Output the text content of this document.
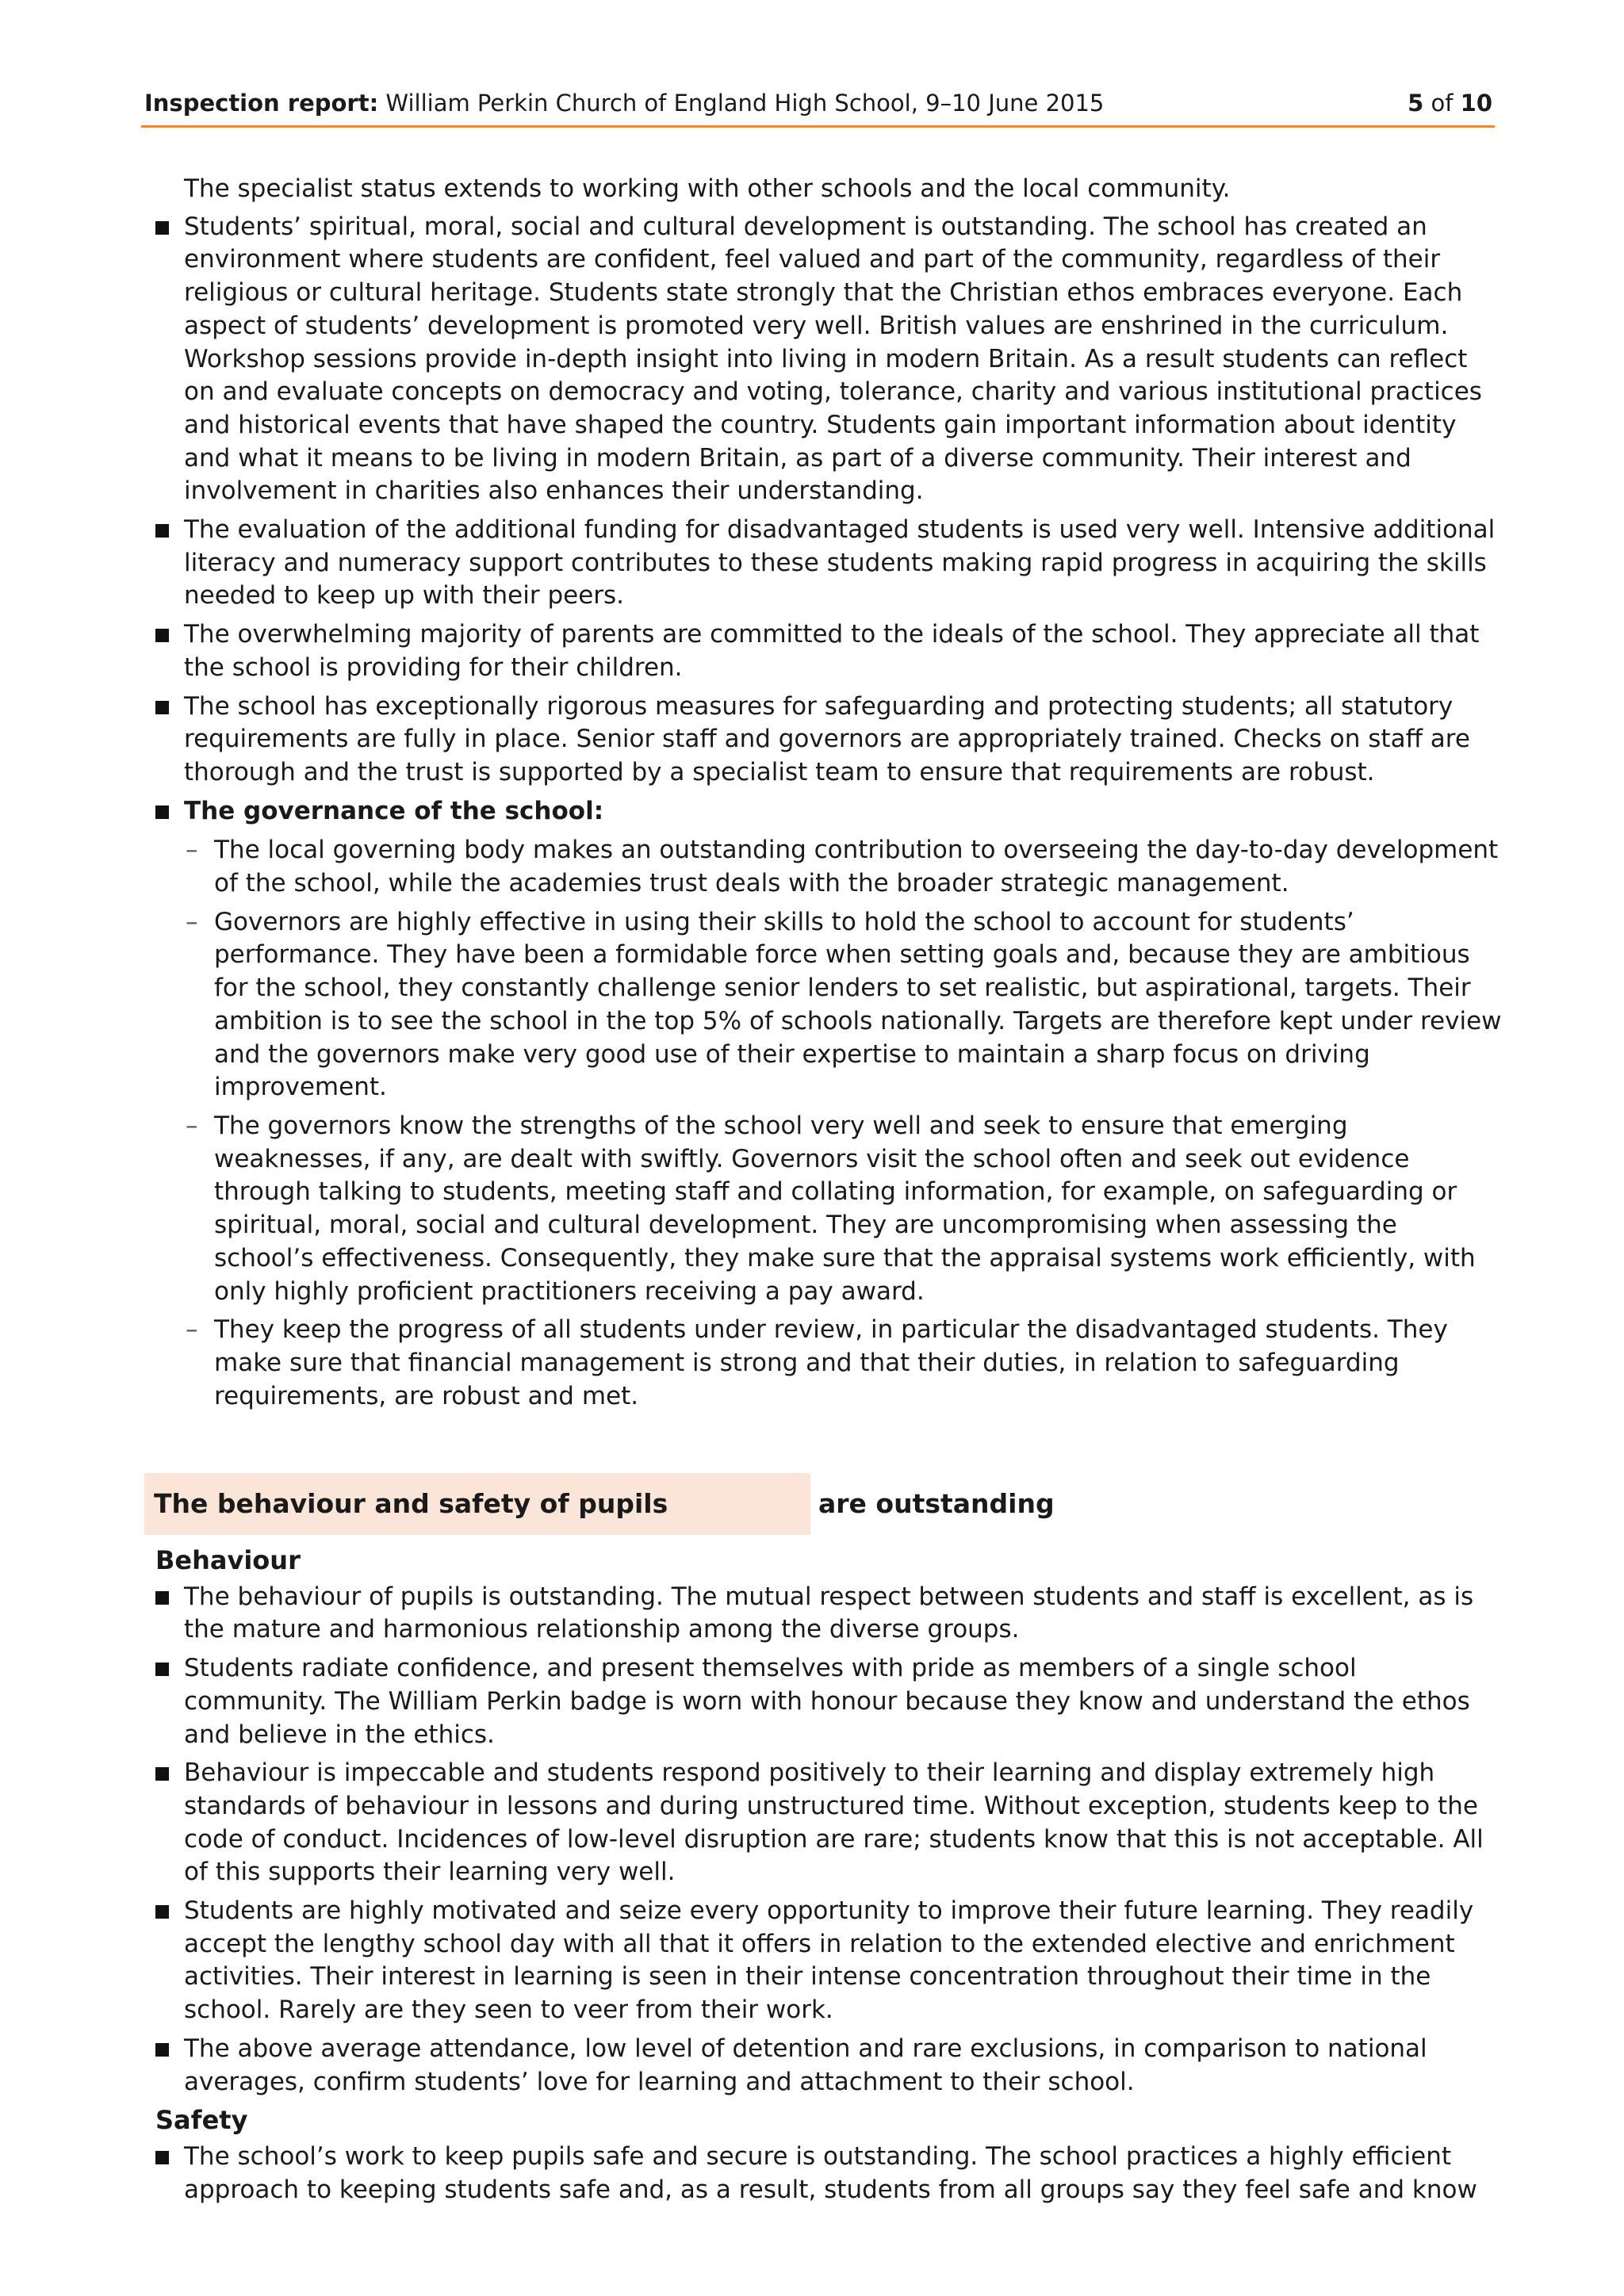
Inspection report: William Perkin Church of England High School, 9–10 June 2015	5 of 10

The specialist status extends to working with other schools and the local community.

Students’ spiritual, moral, social and cultural development is outstanding. The school has created an environment where students are confident, feel valued and part of the community, regardless of their religious or cultural heritage. Students state strongly that the Christian ethos embraces everyone. Each aspect of students’ development is promoted very well. British values are enshrined in the curriculum. Workshop sessions provide in-depth insight into living in modern Britain. As a result students can reflect on and evaluate concepts on democracy and voting, tolerance, charity and various institutional practices and historical events that have shaped the country. Students gain important information about identity and what it means to be living in modern Britain, as part of a diverse community. Their interest and involvement in charities also enhances their understanding.
The evaluation of the additional funding for disadvantaged students is used very well. Intensive additional literacy and numeracy support contributes to these students making rapid progress in acquiring the skills needed to keep up with their peers.
The overwhelming majority of parents are committed to the ideals of the school. They appreciate all that the school is providing for their children.
The school has exceptionally rigorous measures for safeguarding and protecting students; all statutory requirements are fully in place. Senior staff and governors are appropriately trained. Checks on staff are thorough and the trust is supported by a specialist team to ensure that requirements are robust.
The governance of the school:
– The local governing body makes an outstanding contribution to overseeing the day-to-day development of the school, while the academies trust deals with the broader strategic management.
– Governors are highly effective in using their skills to hold the school to account for students’ performance. They have been a formidable force when setting goals and, because they are ambitious for the school, they constantly challenge senior lenders to set realistic, but aspirational, targets. Their ambition is to see the school in the top 5% of schools nationally. Targets are therefore kept under review and the governors make very good use of their expertise to maintain a sharp focus on driving improvement.
– The governors know the strengths of the school very well and seek to ensure that emerging weaknesses, if any, are dealt with swiftly. Governors visit the school often and seek out evidence through talking to students, meeting staff and collating information, for example, on safeguarding or spiritual, moral, social and cultural development. They are uncompromising when assessing the school’s effectiveness. Consequently, they make sure that the appraisal systems work efficiently, with only highly proficient practitioners receiving a pay award.
– They keep the progress of all students under review, in particular the disadvantaged students. They make sure that financial management is strong and that their duties, in relation to safeguarding requirements, are robust and met.
The behaviour and safety of pupils	are outstanding
Behaviour
The behaviour of pupils is outstanding. The mutual respect between students and staff is excellent, as is the mature and harmonious relationship among the diverse groups.
Students radiate confidence, and present themselves with pride as members of a single school community. The William Perkin badge is worn with honour because they know and understand the ethos and believe in the ethics.
Behaviour is impeccable and students respond positively to their learning and display extremely high standards of behaviour in lessons and during unstructured time. Without exception, students keep to the code of conduct. Incidences of low-level disruption are rare; students know that this is not acceptable. All of this supports their learning very well.
Students are highly motivated and seize every opportunity to improve their future learning. They readily accept the lengthy school day with all that it offers in relation to the extended elective and enrichment activities. Their interest in learning is seen in their intense concentration throughout their time in the school. Rarely are they seen to veer from their work.
The above average attendance, low level of detention and rare exclusions, in comparison to national averages, confirm students’ love for learning and attachment to their school.
Safety
The school’s work to keep pupils safe and secure is outstanding. The school practices a highly efficient approach to keeping students safe and, as a result, students from all groups say they feel safe and know
